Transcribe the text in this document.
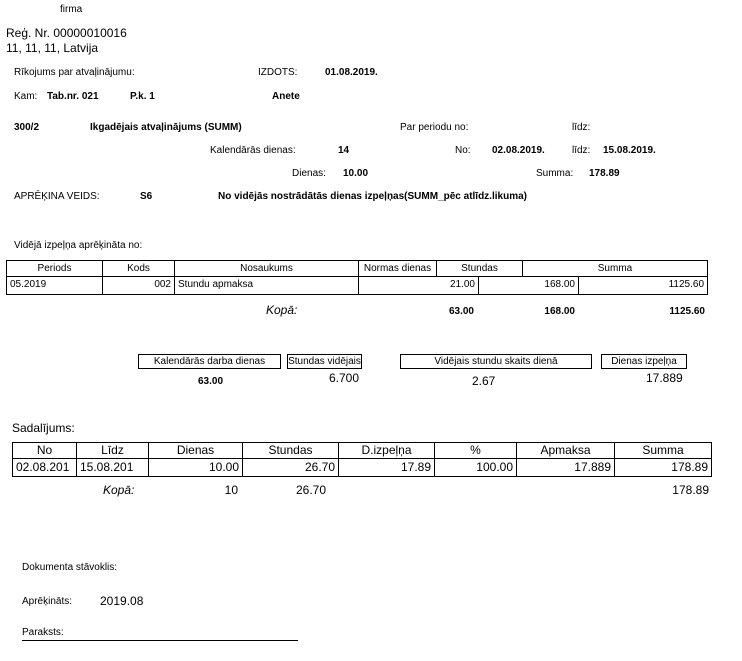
firma
Reģ. Nr. 00000010016
11, 11, 11, Latvija
Rīkojums par atvaļinājumu:	IZDOTS:	01.08.2019.
Kam: Tab.nr. 021	P.k. 1	Anete
300/2	Ikgadējais atvaļinājums (SUMM)	Par periodu no:	līdz:
Kalendārās dienas:	14	No: 02.08.2019.	līdz: 15.08.2019.
Dienas: 10.00	Summa: 178.89
APRĒĶINA VEIDS:	S6	No vidējās nostrādātās dienas izpeļņas(SUMM_pēc atlīdz.likuma)
Vidējā izpeļņa aprēķināta no:
Periods	Kods	Nosaukums	Normas dienas	Stundas	Summa
05.2019	002 Stundu apmaksa	21.00	168.00	1125.60
Kopā:	63.00	168.00	1125.60
Kalendārās darba dienas	Stundas vidējais	Vidējais stundu skaits dienā	Dienas izpeļņa
63.00	6.700	2.67	17.889
Sadalījums:
No	Līdz	Dienas	Stundas	D.izpeļņa	%	Apmaksa	Summa
02.08.201 15.08.201	10.00	26.70	17.89	100.00	17.889	178.89
Kopā:	10	26.70	178.89
Dokumenta stāvoklis:
Aprēķināts: 2019.08
Paraksts:
